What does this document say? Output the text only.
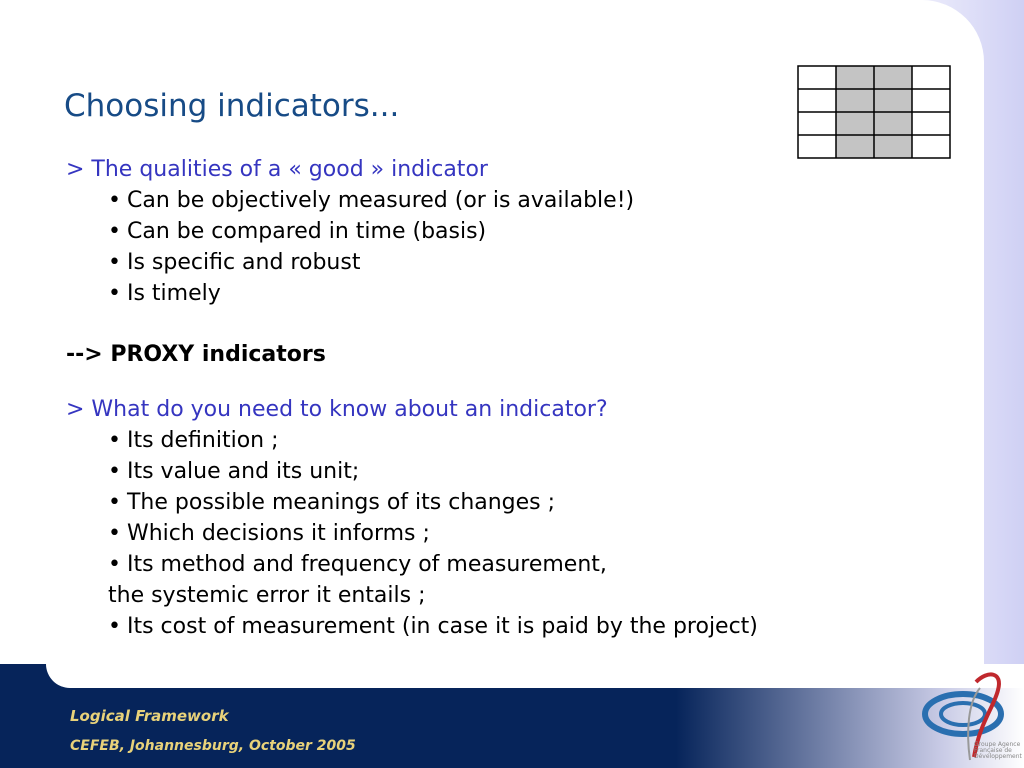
Logical Framework

CEFEB, Johannesburg, October 2005	Groupe Agence
Française de
Développement
Choosing indicators...

> The qualities of a « good » indicator

• Can be objectively measured (or is available!)
• Can be compared in time (basis)
• Is specific and robust
• Is timely

--> PROXY indicators

> What do you need to know about an indicator?

• Its definition ;
• Its value and its unit;
• The possible meanings of its changes ;
• Which decisions it informs ;
• Its method and frequency of measurement,
the systemic error it entails ;
• Its cost of measurement (in case it is paid by the project)
